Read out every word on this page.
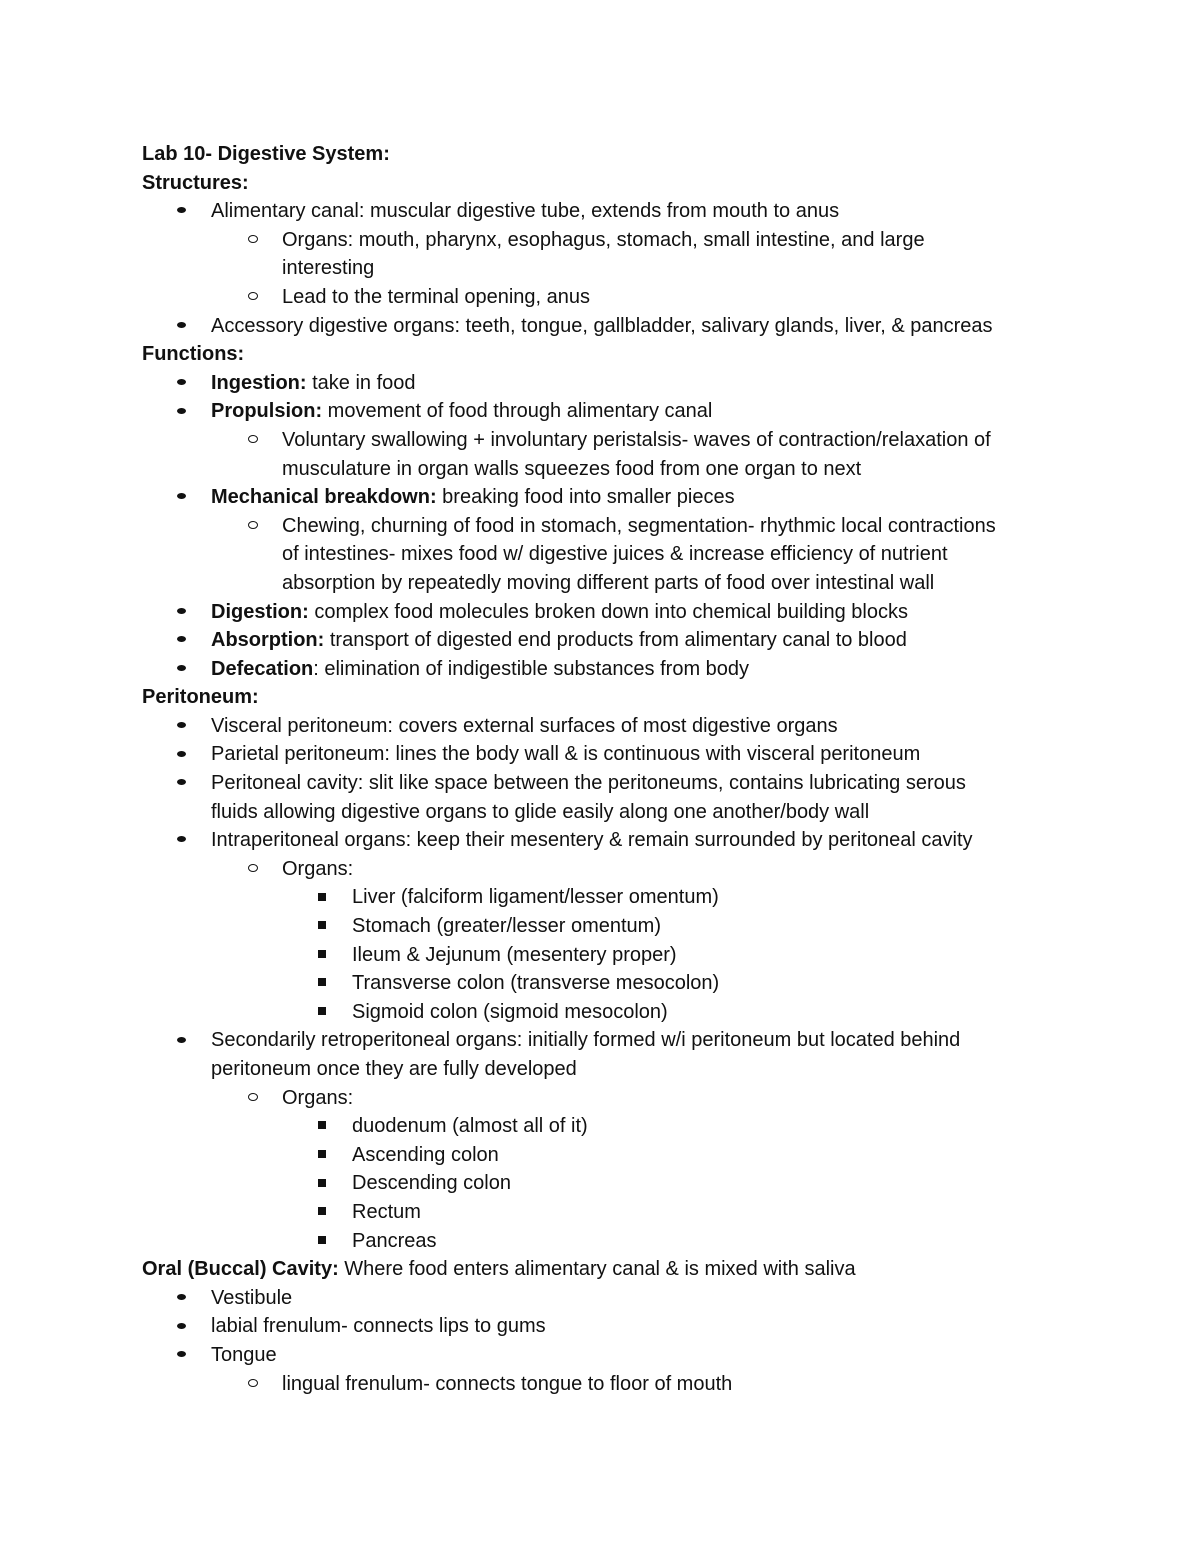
Lab 10- Digestive System:
Structures:
Alimentary canal: muscular digestive tube, extends from mouth to anus
Organs: mouth, pharynx, esophagus, stomach, small intestine, and large
interesting
Lead to the terminal opening, anus
Accessory digestive organs: teeth, tongue, gallbladder, salivary glands, liver, & pancreas
Functions:
Ingestion: take in food
Propulsion: movement of food through alimentary canal
Voluntary swallowing + involuntary peristalsis- waves of contraction/relaxation of
musculature in organ walls squeezes food from one organ to next
Mechanical breakdown: breaking food into smaller pieces
Chewing, churning of food in stomach, segmentation- rhythmic local contractions
of intestines- mixes food w/ digestive juices & increase efficiency of nutrient
absorption by repeatedly moving different parts of food over intestinal wall
Digestion: complex food molecules broken down into chemical building blocks
Absorption: transport of digested end products from alimentary canal to blood
Defecation: elimination of indigestible substances from body
Peritoneum:
Visceral peritoneum: covers external surfaces of most digestive organs
Parietal peritoneum: lines the body wall & is continuous with visceral peritoneum
Peritoneal cavity: slit like space between the peritoneums, contains lubricating serous
fluids allowing digestive organs to glide easily along one another/body wall
Intraperitoneal organs: keep their mesentery & remain surrounded by peritoneal cavity
Organs:
Liver (falciform ligament/lesser omentum)
Stomach (greater/lesser omentum)
Ileum & Jejunum (mesentery proper)
Transverse colon (transverse mesocolon)
Sigmoid colon (sigmoid mesocolon)
Secondarily retroperitoneal organs: initially formed w/i peritoneum but located behind
peritoneum once they are fully developed
Organs:
duodenum (almost all of it)
Ascending colon
Descending colon
Rectum
Pancreas
Oral (Buccal) Cavity: Where food enters alimentary canal & is mixed with saliva
Vestibule
labial frenulum- connects lips to gums
Tongue
lingual frenulum- connects tongue to floor of mouth
